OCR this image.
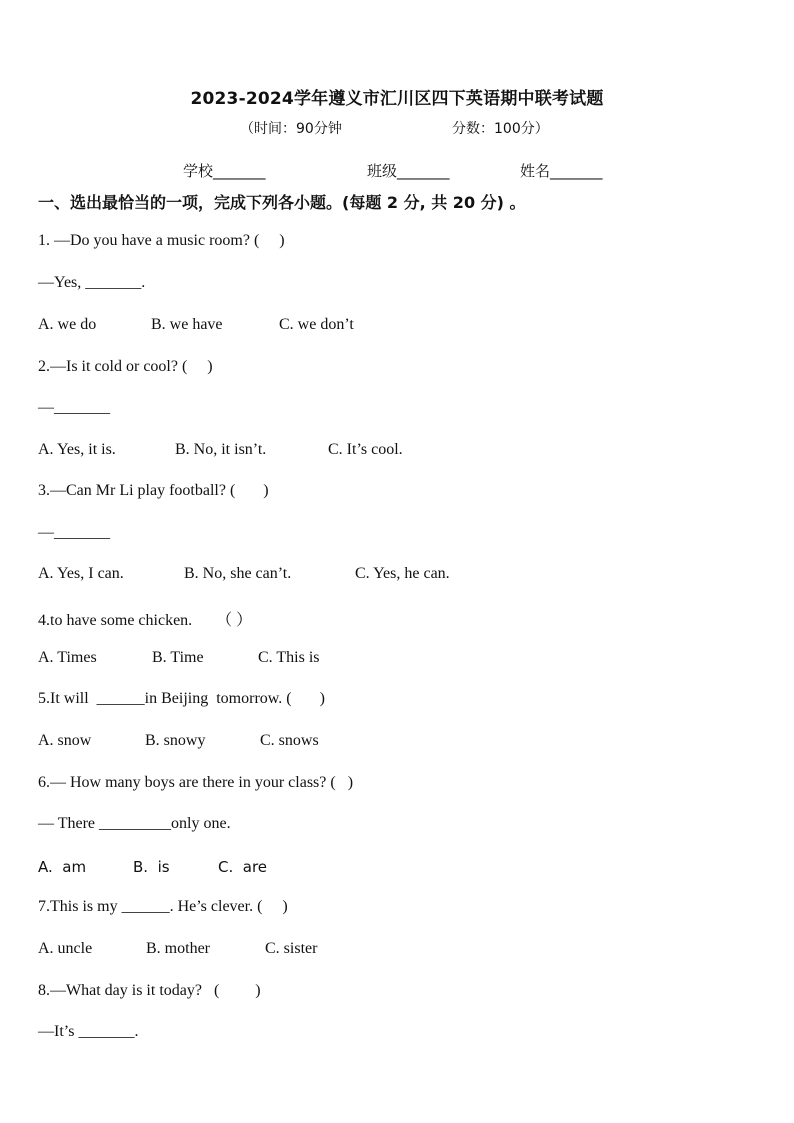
2023-2024学年遵义市汇川区四下英语期中联考试题
（时间：90分钟	分数：100分）
学校_______	班级_______	姓名_______
一、选出最恰当的一项，完成下列各小题。(每题 2 分, 共 20 分) 。
1. —Do you have a music room? (     )
—Yes, _______.
A. we do	B. we have	C. we don’t
2.—Is it cold or cool? (     )
—_______
A. Yes, it is.	B. No, it isn’t.	C. It’s cool.
3.—Can Mr Li play football? (       )
—_______
A. Yes, I can.	B. No, she can’t.	C. Yes, he can.
4.to have some chicken.      （ ）
A. Times	B. Time	C. This is
5.It will  ______in Beijing  tomorrow. (       )
A. snow	B. snowy	C. snows
6.— How many boys are there in your class? (   )
— There _________only one.
A.  am	B.  is	C.  are
7.This is my ______. He’s clever. (     )
A. uncle	B. mother	C. sister
8.—What day is it today?   (         )
—It’s _______.
